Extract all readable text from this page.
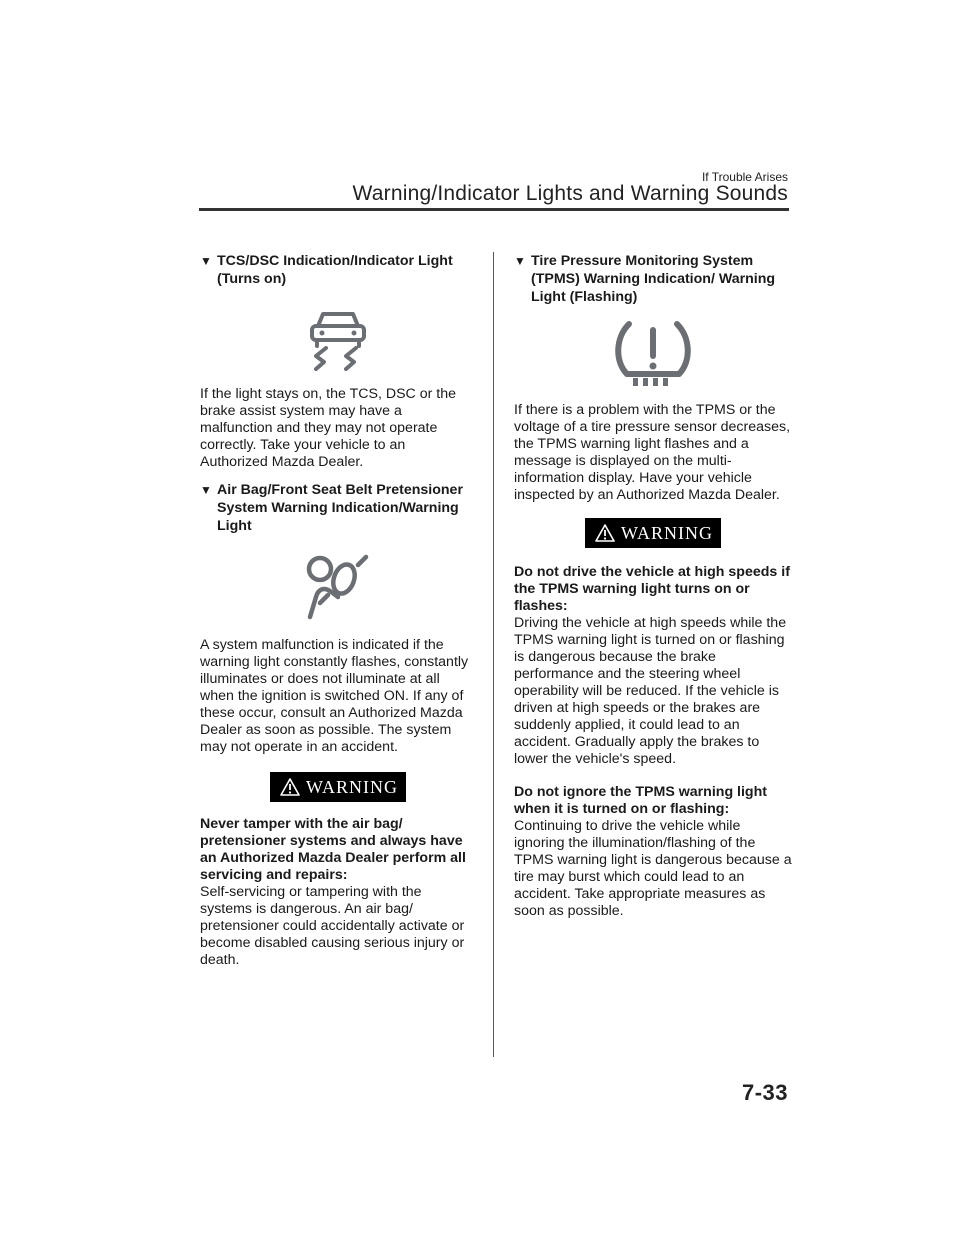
If Trouble Arises
Warning/Indicator Lights and Warning Sounds
▼ TCS/DSC Indication/Indicator Light (Turns on)

If the light stays on, the TCS, DSC or the brake assist system may have a malfunction and they may not operate correctly. Take your vehicle to an Authorized Mazda Dealer.

▼ Air Bag/Front Seat Belt Pretensioner System Warning Indication/Warning Light

A system malfunction is indicated if the warning light constantly flashes, constantly illuminates or does not illuminate at all when the ignition is switched ON. If any of these occur, consult an Authorized Mazda Dealer as soon as possible. The system may not operate in an accident.

WARNING

Never tamper with the air bag/ pretensioner systems and always have an Authorized Mazda Dealer perform all servicing and repairs:

Self-servicing or tampering with the systems is dangerous. An air bag/ pretensioner could accidentally activate or become disabled causing serious injury or death.

▼ Tire Pressure Monitoring System (TPMS) Warning Indication/ Warning Light (Flashing)

If there is a problem with the TPMS or the voltage of a tire pressure sensor decreases, the TPMS warning light flashes and a message is displayed on the multi-information display. Have your vehicle inspected by an Authorized Mazda Dealer.

WARNING

Do not drive the vehicle at high speeds if the TPMS warning light turns on or flashes:

Driving the vehicle at high speeds while the TPMS warning light is turned on or flashing is dangerous because the brake performance and the steering wheel operability will be reduced. If the vehicle is driven at high speeds or the brakes are suddenly applied, it could lead to an accident. Gradually apply the brakes to lower the vehicle's speed.

Do not ignore the TPMS warning light when it is turned on or flashing:

Continuing to drive the vehicle while ignoring the illumination/flashing of the TPMS warning light is dangerous because a tire may burst which could lead to an accident. Take appropriate measures as soon as possible.

7-33
